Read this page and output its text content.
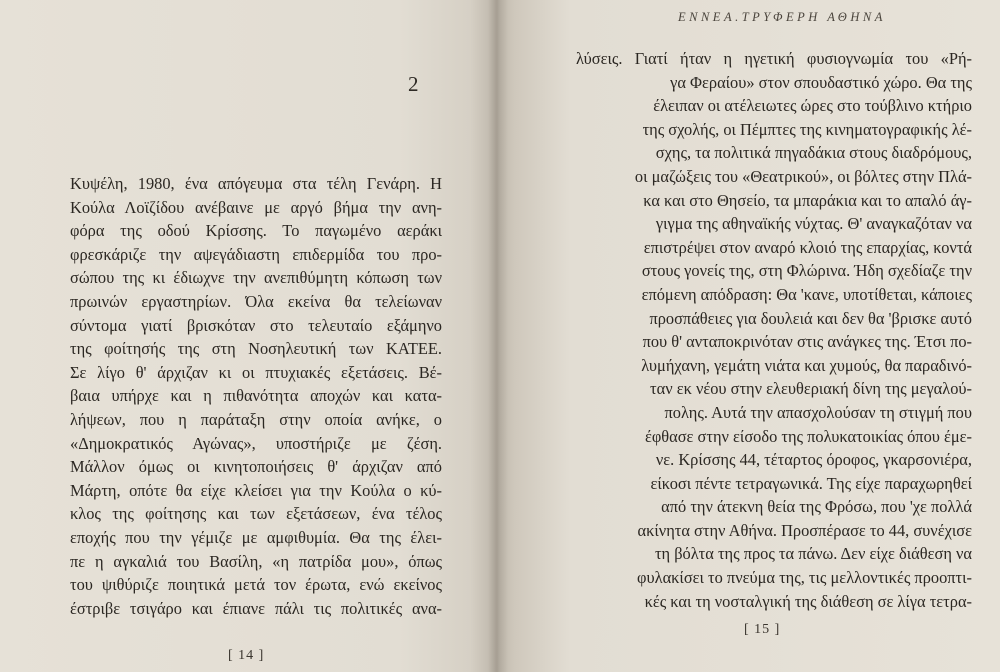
2
Κυψέλη, 1980, ένα απόγευμα στα τέλη Γενάρη. Η
Κούλα Λοϊζίδου ανέβαινε με αργό βήμα την ανη-
φόρα της οδού Κρίσσης. Το παγωμένο αεράκι
φρεσκάριζε την αψεγάδιαστη επιδερμίδα του προ-
σώπου της κι έδιωχνε την ανεπιθύμητη κόπωση των
πρωινών εργαστηρίων. Όλα εκείνα θα τελείωναν
σύντομα γιατί βρισκόταν στο τελευταίο εξάμηνο
της φοίτησής της στη Νοσηλευτική των ΚΑΤΕΕ.
Σε λίγο θ' άρχιζαν κι οι πτυχιακές εξετάσεις. Βέ-
βαια υπήρχε και η πιθανότητα αποχών και κατα-
λήψεων, που η παράταξη στην οποία ανήκε, ο
«Δημοκρατικός Αγώνας», υποστήριζε με ζέση.
Μάλλον όμως οι κινητοποιήσεις θ' άρχιζαν από
Μάρτη, οπότε θα είχε κλείσει για την Κούλα ο κύ-
κλος της φοίτησης και των εξετάσεων, ένα τέλος
εποχής που την γέμιζε με αμφιθυμία. Θα της έλει-
πε η αγκαλιά του Βασίλη, «η πατρίδα μου», όπως
του ψιθύριζε ποιητικά μετά τον έρωτα, ενώ εκείνος
έστριβε τσιγάρο και έπιανε πάλι τις πολιτικές ανα-
[ 14 ]
ΕΝΝΕΑ.ΤΡΥΦΕΡΗ ΑΘΗΝΑ
λύσεις. Γιατί ήταν η ηγετική φυσιογνωμία του «Ρή-
γα Φεραίου» στον σπουδαστικό χώρο. Θα της
έλειπαν οι ατέλειωτες ώρες στο τούβλινο κτήριο
της σχολής, οι Πέμπτες της κινηματογραφικής λέ-
σχης, τα πολιτικά πηγαδάκια στους διαδρόμους,
οι μαζώξεις του «Θεατρικού», οι βόλτες στην Πλά-
κα και στο Θησείο, τα μπαράκια και το απαλό άγ-
γιγμα της αθηναϊκής νύχτας. Θ' αναγκαζόταν να
επιστρέψει στον αναρό κλοιό της επαρχίας, κοντά
στους γονείς της, στη Φλώρινα. Ήδη σχεδίαζε την
επόμενη απόδραση: Θα 'κανε, υποτίθεται, κάποιες
προσπάθειες για δουλειά και δεν θα 'βρισκε αυτό
που θ' ανταποκρινόταν στις ανάγκες της. Έτσι πο-
λυμήχανη, γεμάτη νιάτα και χυμούς, θα παραδινό-
ταν εκ νέου στην ελευθεριακή δίνη της μεγαλού-
πολης. Αυτά την απασχολούσαν τη στιγμή που
έφθασε στην είσοδο της πολυκατοικίας όπου έμε-
νε. Κρίσσης 44, τέταρτος όροφος, γκαρσονιέρα,
είκοσι πέντε τετραγωνικά. Της είχε παραχωρηθεί
από την άτεκνη θεία της Φρόσω, που 'χε πολλά
ακίνητα στην Αθήνα. Προσπέρασε το 44, συνέχισε
τη βόλτα της προς τα πάνω. Δεν είχε διάθεση να
φυλακίσει το πνεύμα της, τις μελλοντικές προοπτι-
κές και τη νοσταλγική της διάθεση σε λίγα τετρα-
[ 15 ]
